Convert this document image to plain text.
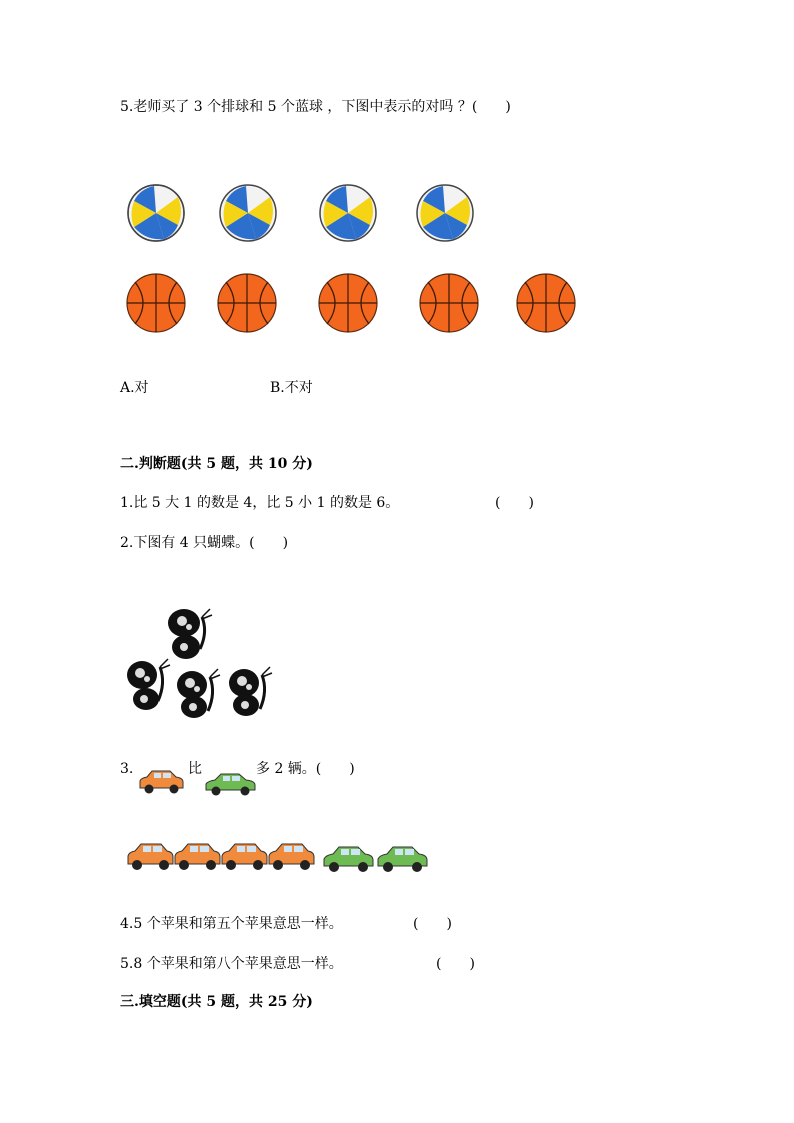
5.老师买了 3 个排球和 5 个蓝球 ，下图中表示的对吗 ？(　　)
A.对	B.不对
二.判断题(共 5 题，共 10 分)
1.比 5 大 1 的数是 4，比 5 小 1 的数是 6。	(　　)
2.下图有 4 只蝴蝶。(　　)
3.	比	多 2 辆。(　　)
4.5 个苹果和第五个苹果意思一样。	(　　)
5.8 个苹果和第八个苹果意思一样。	(　　)
三.填空题(共 5 题，共 25 分)
